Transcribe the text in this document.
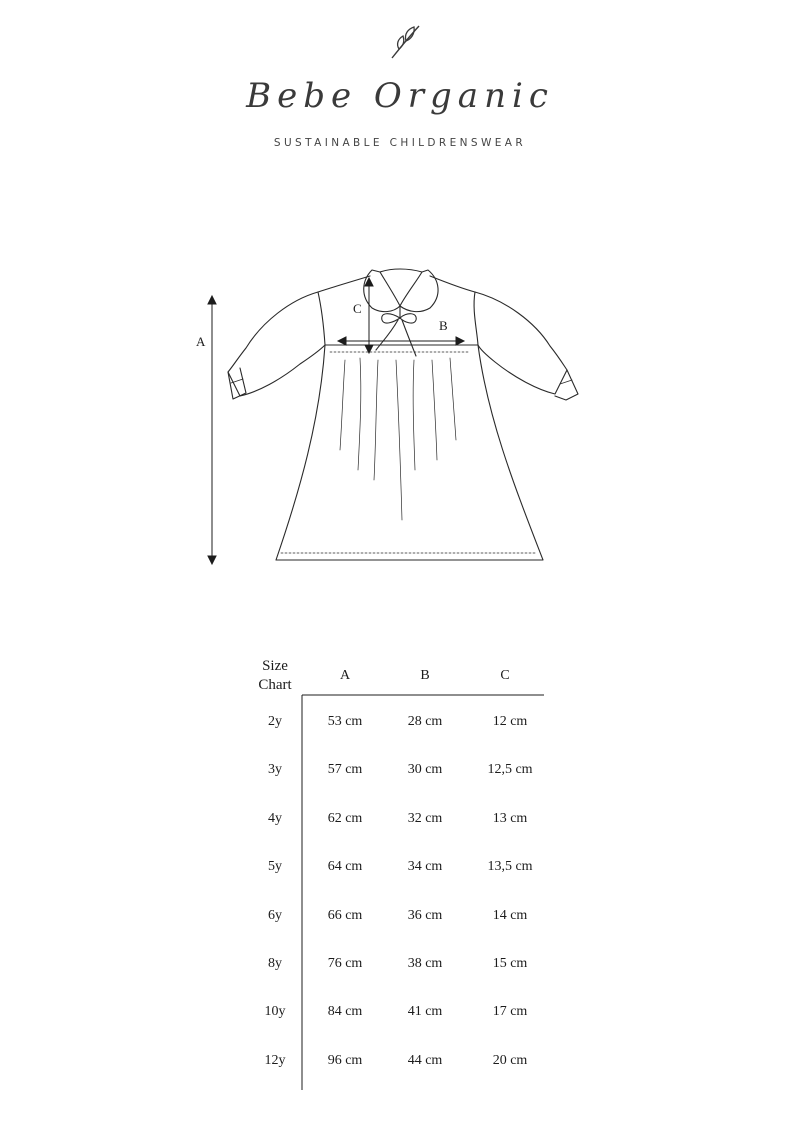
Bebe Organic
SUSTAINABLE CHILDRENSWEAR
A
B
C
Size
Chart
A	B	C
2y	53 cm	28 cm	12 cm
3y	57 cm	30 cm	12,5 cm
4y	62 cm	32 cm	13 cm
5y	64 cm	34 cm	13,5 cm
6y	66 cm	36 cm	14 cm
8y	76 cm	38 cm	15 cm
10y	84 cm	41 cm	17 cm
12y	96 cm	44 cm	20 cm
